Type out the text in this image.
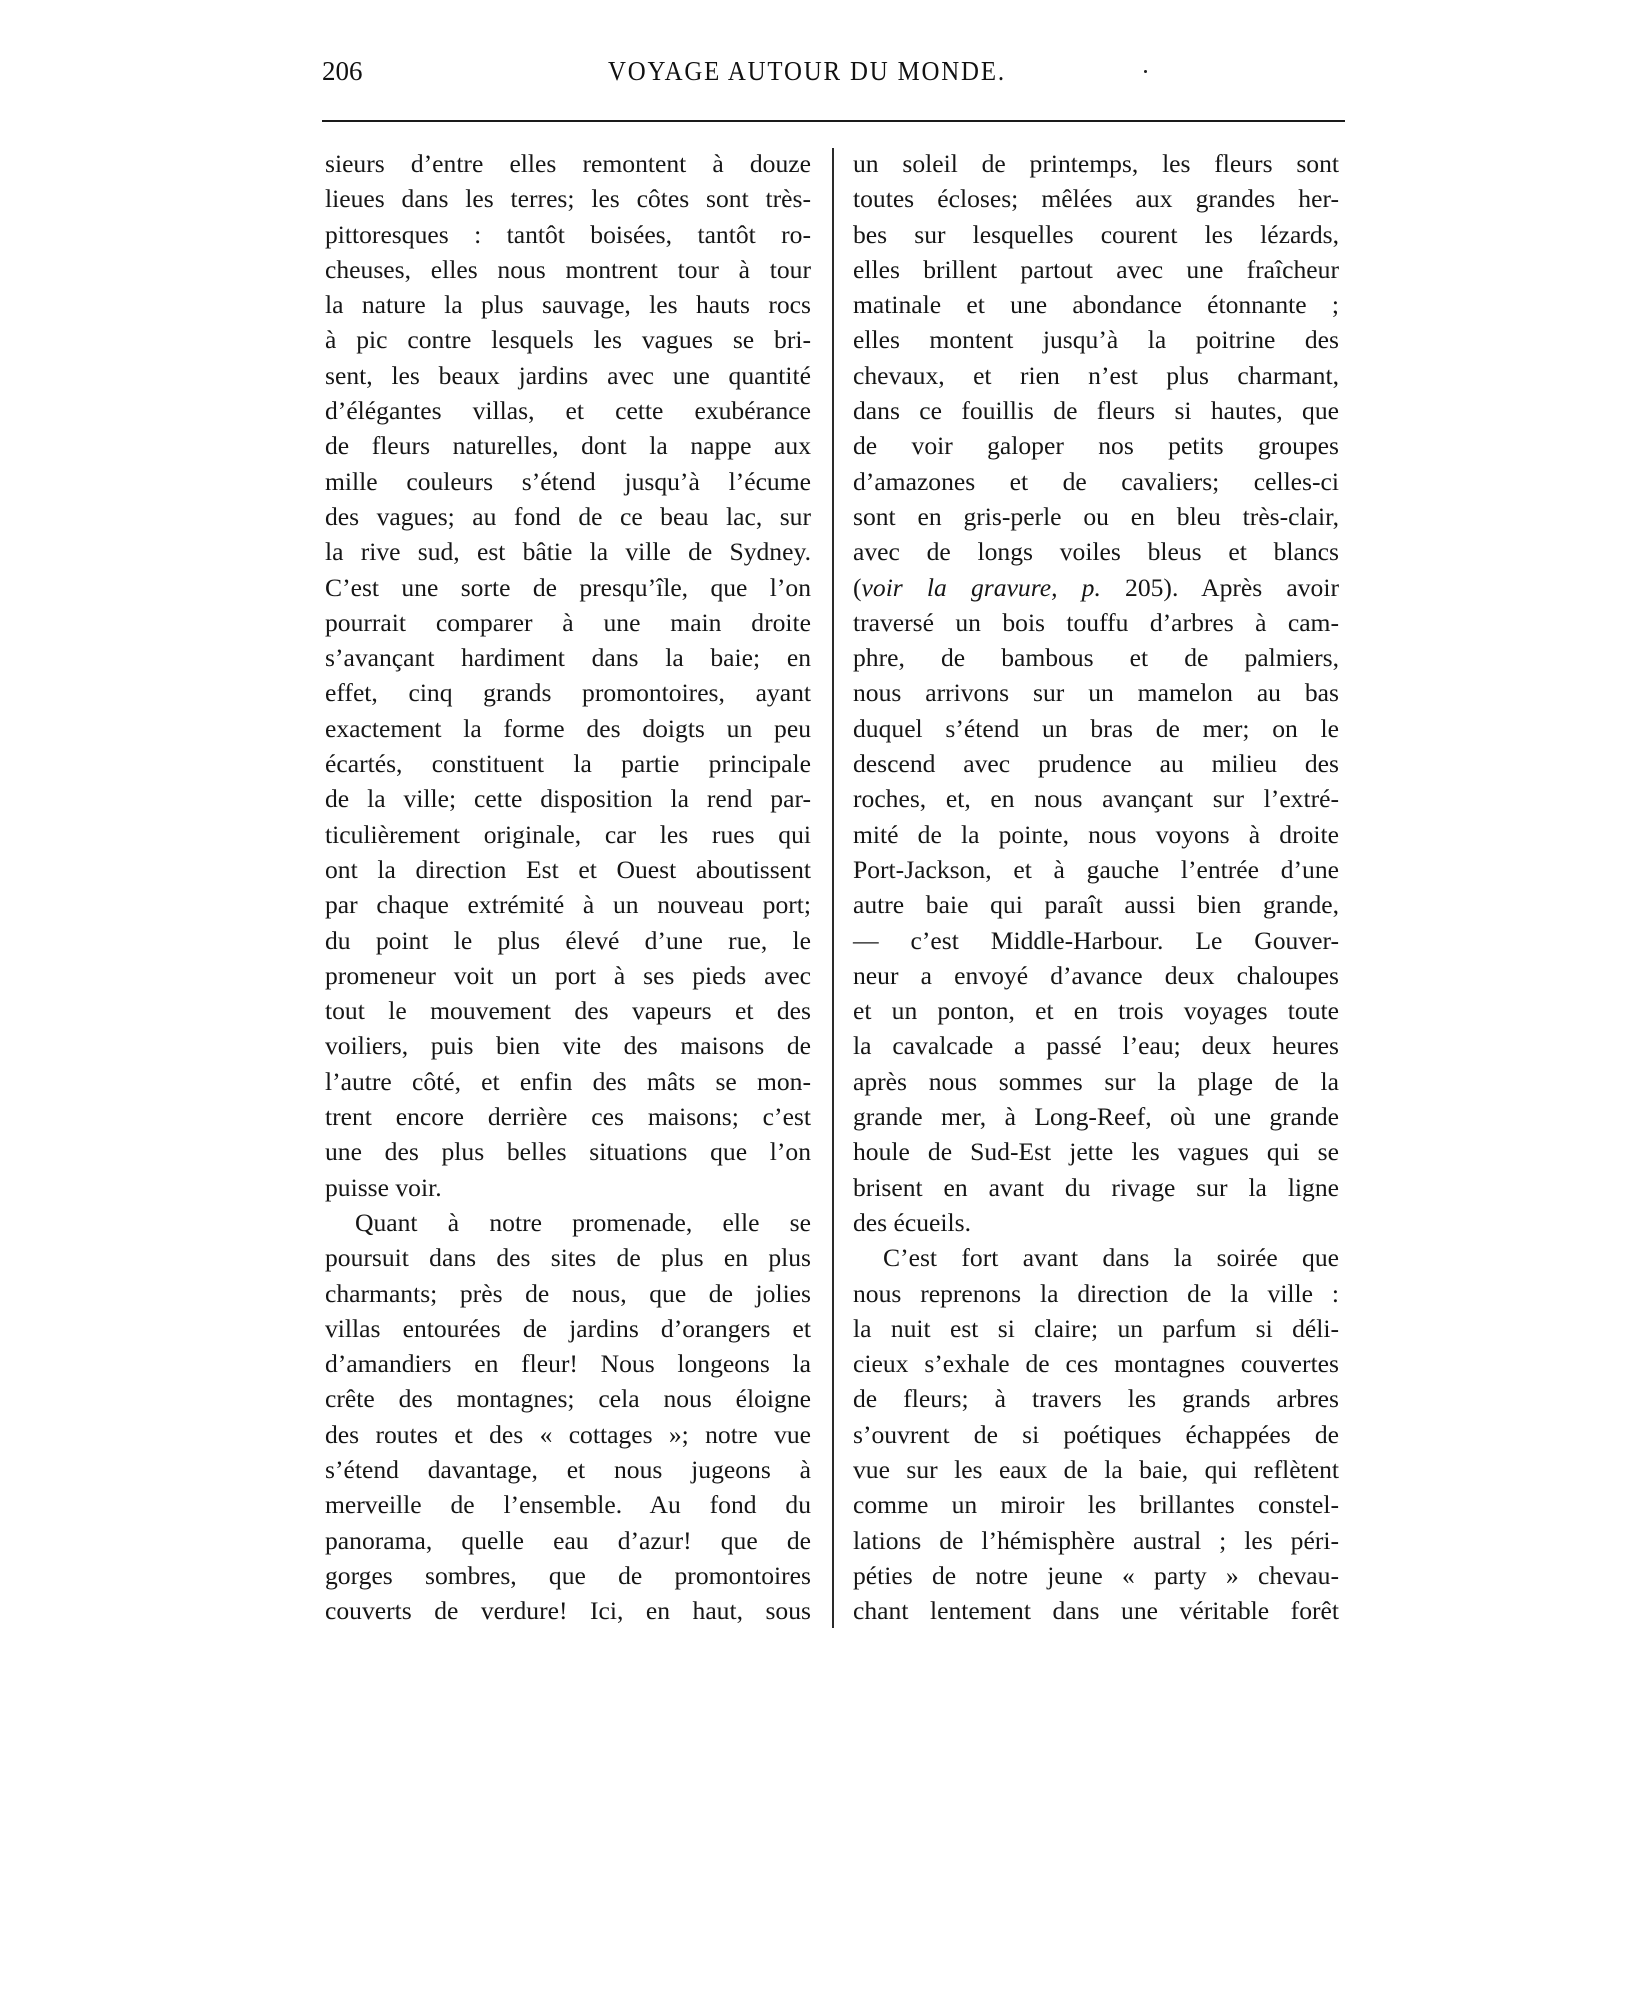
206	VOYAGE AUTOUR DU MONDE.
sieurs d’entre elles remontent à douze
lieues dans les terres; les côtes sont très-
pittoresques : tantôt boisées, tantôt ro-
cheuses, elles nous montrent tour à tour
la nature la plus sauvage, les hauts rocs
à pic contre lesquels les vagues se bri-
sent, les beaux jardins avec une quantité
d’élégantes villas, et cette exubérance
de fleurs naturelles, dont la nappe aux
mille couleurs s’étend jusqu’à l’écume
des vagues; au fond de ce beau lac, sur
la rive sud, est bâtie la ville de Sydney.
C’est une sorte de presqu’île, que l’on
pourrait comparer à une main droite
s’avançant hardiment dans la baie; en
effet, cinq grands promontoires, ayant
exactement la forme des doigts un peu
écartés, constituent la partie principale
de la ville; cette disposition la rend par-
ticulièrement originale, car les rues qui
ont la direction Est et Ouest aboutissent
par chaque extrémité à un nouveau port;
du point le plus élevé d’une rue, le
promeneur voit un port à ses pieds avec
tout le mouvement des vapeurs et des
voiliers, puis bien vite des maisons de
l’autre côté, et enfin des mâts se mon-
trent encore derrière ces maisons; c’est
une des plus belles situations que l’on
puisse voir.
Quant à notre promenade, elle se
poursuit dans des sites de plus en plus
charmants; près de nous, que de jolies
villas entourées de jardins d’orangers et
d’amandiers en fleur! Nous longeons la
crête des montagnes; cela nous éloigne
des routes et des « cottages »; notre vue
s’étend davantage, et nous jugeons à
merveille de l’ensemble. Au fond du
panorama, quelle eau d’azur! que de
gorges sombres, que de promontoires
couverts de verdure! Ici, en haut, sous
un soleil de printemps, les fleurs sont
toutes écloses; mêlées aux grandes her-
bes sur lesquelles courent les lézards,
elles brillent partout avec une fraîcheur
matinale et une abondance étonnante ;
elles montent jusqu’à la poitrine des
chevaux, et rien n’est plus charmant,
dans ce fouillis de fleurs si hautes, que
de voir galoper nos petits groupes
d’amazones et de cavaliers; celles-ci
sont en gris-perle ou en bleu très-clair,
avec de longs voiles bleus et blancs
(voir la gravure, p. 205). Après avoir
traversé un bois touffu d’arbres à cam-
phre, de bambous et de palmiers,
nous arrivons sur un mamelon au bas
duquel s’étend un bras de mer; on le
descend avec prudence au milieu des
roches, et, en nous avançant sur l’extré-
mité de la pointe, nous voyons à droite
Port-Jackson, et à gauche l’entrée d’une
autre baie qui paraît aussi bien grande,
— c’est Middle-Harbour. Le Gouver-
neur a envoyé d’avance deux chaloupes
et un ponton, et en trois voyages toute
la cavalcade a passé l’eau; deux heures
après nous sommes sur la plage de la
grande mer, à Long-Reef, où une grande
houle de Sud-Est jette les vagues qui se
brisent en avant du rivage sur la ligne
des écueils.
C’est fort avant dans la soirée que
nous reprenons la direction de la ville :
la nuit est si claire; un parfum si déli-
cieux s’exhale de ces montagnes couvertes
de fleurs; à travers les grands arbres
s’ouvrent de si poétiques échappées de
vue sur les eaux de la baie, qui reflètent
comme un miroir les brillantes constel-
lations de l’hémisphère austral ; les péri-
péties de notre jeune « party » chevau-
chant lentement dans une véritable forêt
